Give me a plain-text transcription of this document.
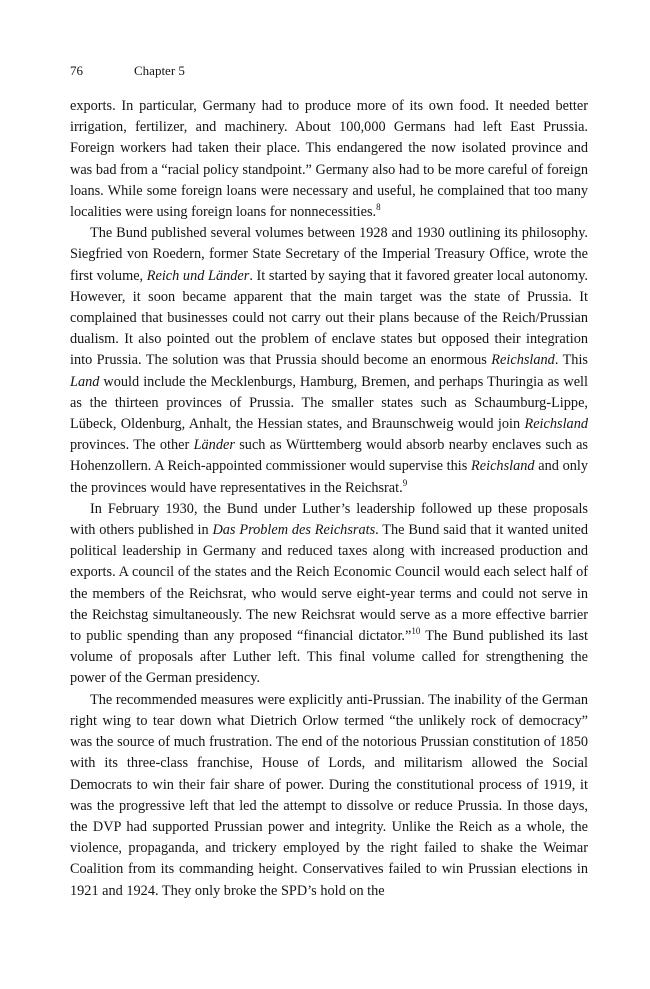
76	Chapter 5

exports. In particular, Germany had to produce more of its own food. It needed better irrigation, fertilizer, and machinery. About 100,000 Germans had left East Prussia. Foreign workers had taken their place. This endangered the now isolated province and was bad from a “racial policy standpoint.” Germany also had to be more careful of foreign loans. While some foreign loans were necessary and useful, he complained that too many localities were using foreign loans for nonnecessities.$^8$

The Bund published several volumes between 1928 and 1930 outlining its philosophy. Siegfried von Roedern, former State Secretary of the Imperial Treasury Office, wrote the first volume, Reich und Länder. It started by saying that it favored greater local autonomy. However, it soon became apparent that the main target was the state of Prussia. It complained that businesses could not carry out their plans because of the Reich/Prussian dualism. It also pointed out the problem of enclave states but opposed their integration into Prussia. The solution was that Prussia should become an enormous Reichsland. This Land would include the Mecklenburgs, Hamburg, Bremen, and perhaps Thuringia as well as the thirteen provinces of Prussia. The smaller states such as Schaumburg-Lippe, Lübeck, Oldenburg, Anhalt, the Hessian states, and Braunschweig would join Reichsland provinces. The other Länder such as Württemberg would absorb nearby enclaves such as Hohenzollern. A Reich-appointed commissioner would supervise this Reichsland and only the provinces would have representatives in the Reichsrat.$^9$

In February 1930, the Bund under Luther’s leadership followed up these proposals with others published in Das Problem des Reichsrats. The Bund said that it wanted united political leadership in Germany and reduced taxes along with increased production and exports. A council of the states and the Reich Economic Council would each select half of the members of the Reichsrat, who would serve eight-year terms and could not serve in the Reichstag simultaneously. The new Reichsrat would serve as a more effective barrier to public spending than any proposed “financial dictator.”$^{10}$ The Bund published its last volume of proposals after Luther left. This final volume called for strengthening the power of the German presidency.

The recommended measures were explicitly anti-Prussian. The inability of the German right wing to tear down what Dietrich Orlow termed “the unlikely rock of democracy” was the source of much frustration. The end of the notorious Prussian constitution of 1850 with its three-class franchise, House of Lords, and militarism allowed the Social Democrats to win their fair share of power. During the constitutional process of 1919, it was the progressive left that led the attempt to dissolve or reduce Prussia. In those days, the DVP had supported Prussian power and integrity. Unlike the Reich as a whole, the violence, propaganda, and trickery employed by the right failed to shake the Weimar Coalition from its commanding height. Conservatives failed to win Prussian elections in 1921 and 1924. They only broke the SPD’s hold on the
